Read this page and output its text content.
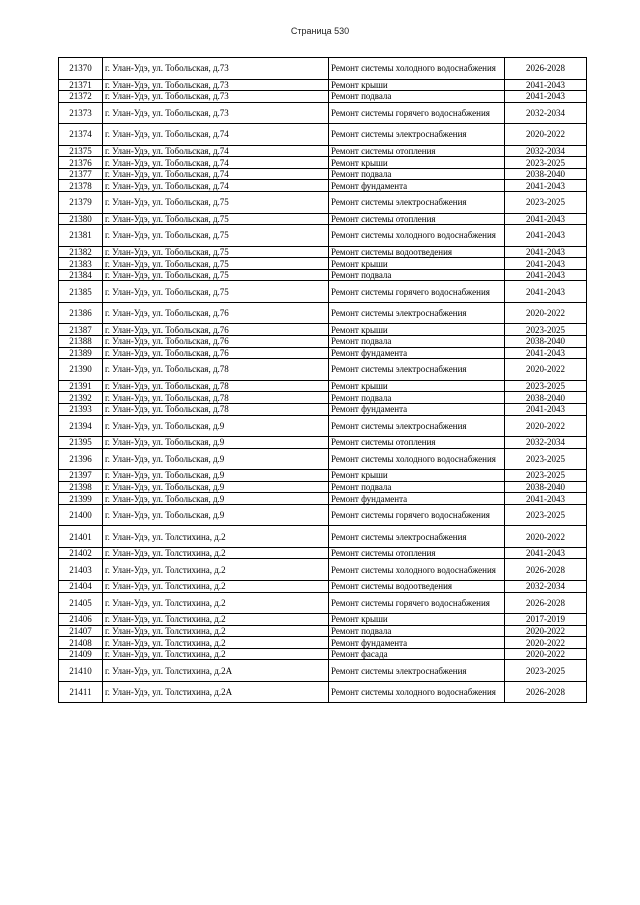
Страница 530
21370	г. Улан-Удэ, ул. Тобольская, д.73	Ремонт системы холодного водоснабжения	2026-2028
21371	г. Улан-Удэ, ул. Тобольская, д.73	Ремонт крыши	2041-2043
21372	г. Улан-Удэ, ул. Тобольская, д.73	Ремонт подвала	2041-2043
21373	г. Улан-Удэ, ул. Тобольская, д.73	Ремонт системы горячего водоснабжения	2032-2034
21374	г. Улан-Удэ, ул. Тобольская, д.74	Ремонт системы электроснабжения	2020-2022
21375	г. Улан-Удэ, ул. Тобольская, д.74	Ремонт системы отопления	2032-2034
21376	г. Улан-Удэ, ул. Тобольская, д.74	Ремонт крыши	2023-2025
21377	г. Улан-Удэ, ул. Тобольская, д.74	Ремонт подвала	2038-2040
21378	г. Улан-Удэ, ул. Тобольская, д.74	Ремонт фундамента	2041-2043
21379	г. Улан-Удэ, ул. Тобольская, д.75	Ремонт системы электроснабжения	2023-2025
21380	г. Улан-Удэ, ул. Тобольская, д.75	Ремонт системы отопления	2041-2043
21381	г. Улан-Удэ, ул. Тобольская, д.75	Ремонт системы холодного водоснабжения	2041-2043
21382	г. Улан-Удэ, ул. Тобольская, д.75	Ремонт системы водоотведения	2041-2043
21383	г. Улан-Удэ, ул. Тобольская, д.75	Ремонт крыши	2041-2043
21384	г. Улан-Удэ, ул. Тобольская, д.75	Ремонт подвала	2041-2043
21385	г. Улан-Удэ, ул. Тобольская, д.75	Ремонт системы горячего водоснабжения	2041-2043
21386	г. Улан-Удэ, ул. Тобольская, д.76	Ремонт системы электроснабжения	2020-2022
21387	г. Улан-Удэ, ул. Тобольская, д.76	Ремонт крыши	2023-2025
21388	г. Улан-Удэ, ул. Тобольская, д.76	Ремонт подвала	2038-2040
21389	г. Улан-Удэ, ул. Тобольская, д.76	Ремонт фундамента	2041-2043
21390	г. Улан-Удэ, ул. Тобольская, д.78	Ремонт системы электроснабжения	2020-2022
21391	г. Улан-Удэ, ул. Тобольская, д.78	Ремонт крыши	2023-2025
21392	г. Улан-Удэ, ул. Тобольская, д.78	Ремонт подвала	2038-2040
21393	г. Улан-Удэ, ул. Тобольская, д.78	Ремонт фундамента	2041-2043
21394	г. Улан-Удэ, ул. Тобольская, д.9	Ремонт системы электроснабжения	2020-2022
21395	г. Улан-Удэ, ул. Тобольская, д.9	Ремонт системы отопления	2032-2034
21396	г. Улан-Удэ, ул. Тобольская, д.9	Ремонт системы холодного водоснабжения	2023-2025
21397	г. Улан-Удэ, ул. Тобольская, д.9	Ремонт крыши	2023-2025
21398	г. Улан-Удэ, ул. Тобольская, д.9	Ремонт подвала	2038-2040
21399	г. Улан-Удэ, ул. Тобольская, д.9	Ремонт фундамента	2041-2043
21400	г. Улан-Удэ, ул. Тобольская, д.9	Ремонт системы горячего водоснабжения	2023-2025
21401	г. Улан-Удэ, ул. Толстихина, д.2	Ремонт системы электроснабжения	2020-2022
21402	г. Улан-Удэ, ул. Толстихина, д.2	Ремонт системы отопления	2041-2043
21403	г. Улан-Удэ, ул. Толстихина, д.2	Ремонт системы холодного водоснабжения	2026-2028
21404	г. Улан-Удэ, ул. Толстихина, д.2	Ремонт системы водоотведения	2032-2034
21405	г. Улан-Удэ, ул. Толстихина, д.2	Ремонт системы горячего водоснабжения	2026-2028
21406	г. Улан-Удэ, ул. Толстихина, д.2	Ремонт крыши	2017-2019
21407	г. Улан-Удэ, ул. Толстихина, д.2	Ремонт подвала	2020-2022
21408	г. Улан-Удэ, ул. Толстихина, д.2	Ремонт фундамента	2020-2022
21409	г. Улан-Удэ, ул. Толстихина, д.2	Ремонт фасада	2020-2022
21410	г. Улан-Удэ, ул. Толстихина, д.2А	Ремонт системы электроснабжения	2023-2025
21411	г. Улан-Удэ, ул. Толстихина, д.2А	Ремонт системы холодного водоснабжения	2026-2028
